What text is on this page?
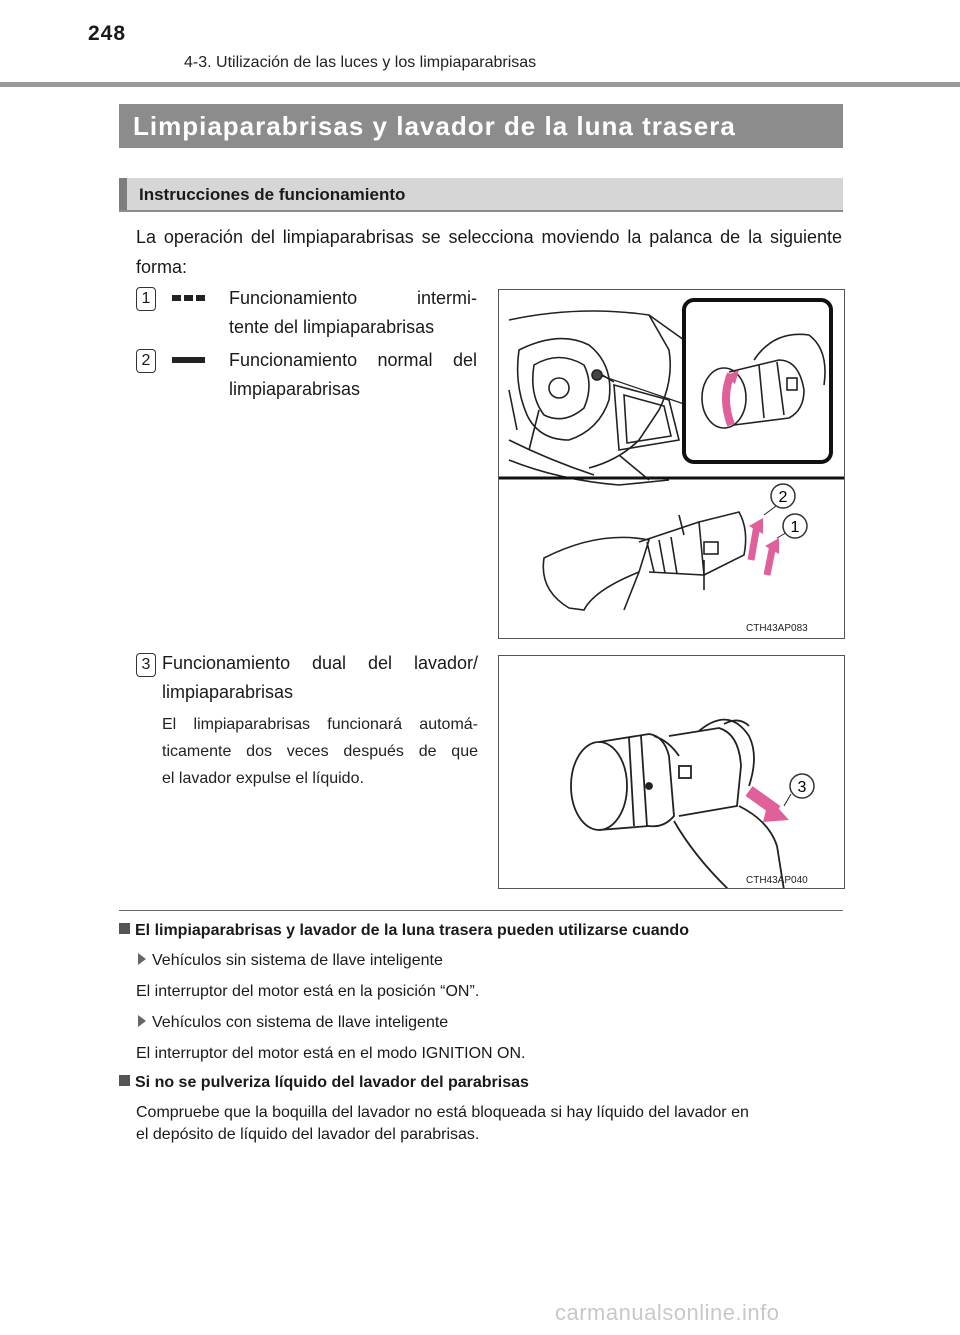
248
4-3. Utilización de las luces y los limpiaparabrisas
Limpiaparabrisas y lavador de la luna trasera
Instrucciones de funcionamiento
La operación del limpiaparabrisas se selecciona moviendo la palanca de la siguiente forma:
1	Funcionamiento intermi-
tente del limpiaparabrisas
2	Funcionamiento normal del
limpiaparabrisas
2
1
CTH43AP083
3 Funcionamiento dual del lavador/
limpiaparabrisas
El limpiaparabrisas funcionará automá-
ticamente dos veces después de que
el lavador expulse el líquido.
3
CTH43AP040
El limpiaparabrisas y lavador de la luna trasera pueden utilizarse cuando
Vehículos sin sistema de llave inteligente
El interruptor del motor está en la posición “ON”.
Vehículos con sistema de llave inteligente
El interruptor del motor está en el modo IGNITION ON.
Si no se pulveriza líquido del lavador del parabrisas
Compruebe que la boquilla del lavador no está bloqueada si hay líquido del lavador en
el depósito de líquido del lavador del parabrisas.
carmanualsonline.info
